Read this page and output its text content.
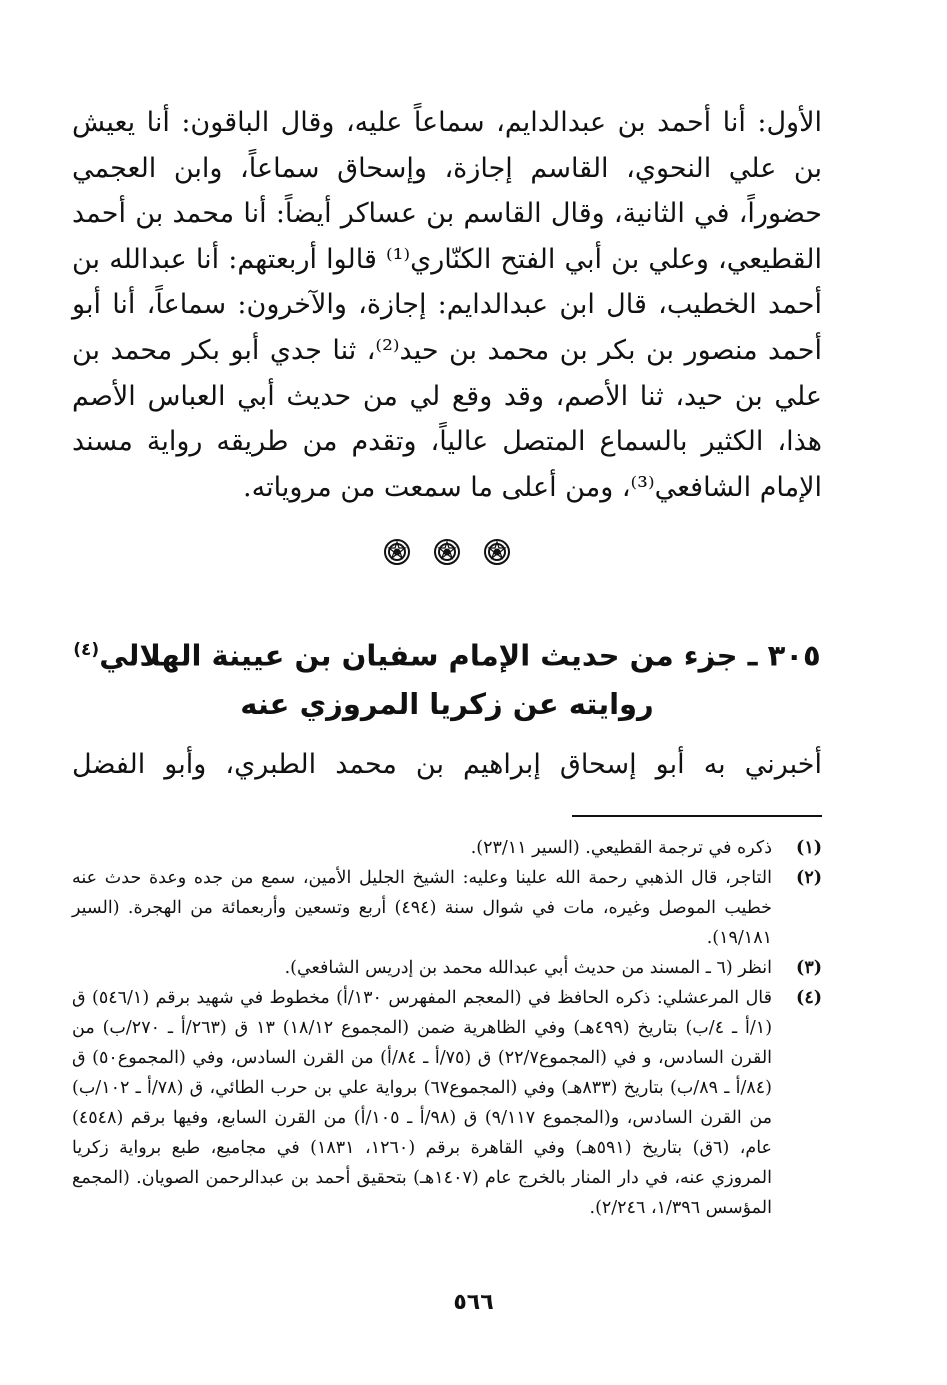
الأول: أنا أحمد بن عبدالدايم، سماعاً عليه، وقال الباقون: أنا يعيش بن علي النحوي، القاسم إجازة، وإسحاق سماعاً، وابن العجمي حضوراً، في الثانية، وقال القاسم بن عساكر أيضاً: أنا محمد بن أحمد القطيعي، وعلي بن أبي الفتح الكنّاري⁽¹⁾ قالوا أربعتهم: أنا عبدالله بن أحمد الخطيب، قال ابن عبدالدايم: إجازة، والآخرون: سماعاً، أنا أبو أحمد منصور بن بكر بن محمد بن حيد⁽²⁾، ثنا جدي أبو بكر محمد بن علي بن حيد، ثنا الأصم، وقد وقع لي من حديث أبي العباس الأصم هذا، الكثير بالسماع المتصل عالياً، وتقدم من طريقه رواية مسند الإمام الشافعي⁽³⁾، ومن أعلى ما سمعت من مروياته.

٣٠٥ ـ جزء من حديث الإمام سفيان بن عيينة الهلالي$^{(٤)}$
روايته عن زكريا المروزي عنه

أخبرني به أبو إسحاق إبراهيم بن محمد الطبري، وأبو الفضل

(١)
ذكره في ترجمة القطيعي. (السير ٢٣/١١).
(٢)
التاجر، قال الذهبي رحمة الله علينا وعليه: الشيخ الجليل الأمين، سمع من جده وعدة حدث عنه خطيب الموصل وغيره، مات في شوال سنة (٤٩٤) أربع وتسعين وأربعمائة من الهجرة. (السير ١٩/١٨١).
(٣)
انظر (٦ ـ المسند من حديث أبي عبدالله محمد بن إدريس الشافعي).
(٤)
قال المرعشلي: ذكره الحافظ في (المعجم المفهرس ١٣٠/أ) مخطوط في شهيد برقم (٥٤٦/١) ق (١/أ ـ ٤/ب) بتاريخ (٤٩٩هـ) وفي الظاهرية ضمن (المجموع ١٨/١٢) ١٣ ق (٢٦٣/أ ـ ٢٧٠/ب) من القرن السادس، و في (المجموع٢٢/٧) ق (٧٥/أ ـ ٨٤/أ) من القرن السادس، وفي (المجموع٥٠) ق (٨٤/أ ـ ٨٩/ب) بتاريخ (٨٣٣هـ) وفي (المجموع٦٧) برواية علي بن حرب الطائي، ق (٧٨/أ ـ ١٠٢/ب) من القرن السادس، و(المجموع ٩/١١٧) ق (٩٨/أ ـ ١٠٥/أ) من القرن السابع، وفيها برقم (٤٥٤٨) عام، (٦ق) بتاريخ (٥٩١هـ) وفي القاهرة برقم (١٢٦٠، ١٨٣١) في مجاميع، طبع برواية زكريا المروزي عنه، في دار المنار بالخرج عام (١٤٠٧هـ) بتحقيق أحمد بن عبدالرحمن الصويان. (المجمع المؤسس ١/٣٩٦، ٢/٢٤٦).
٥٦٦
